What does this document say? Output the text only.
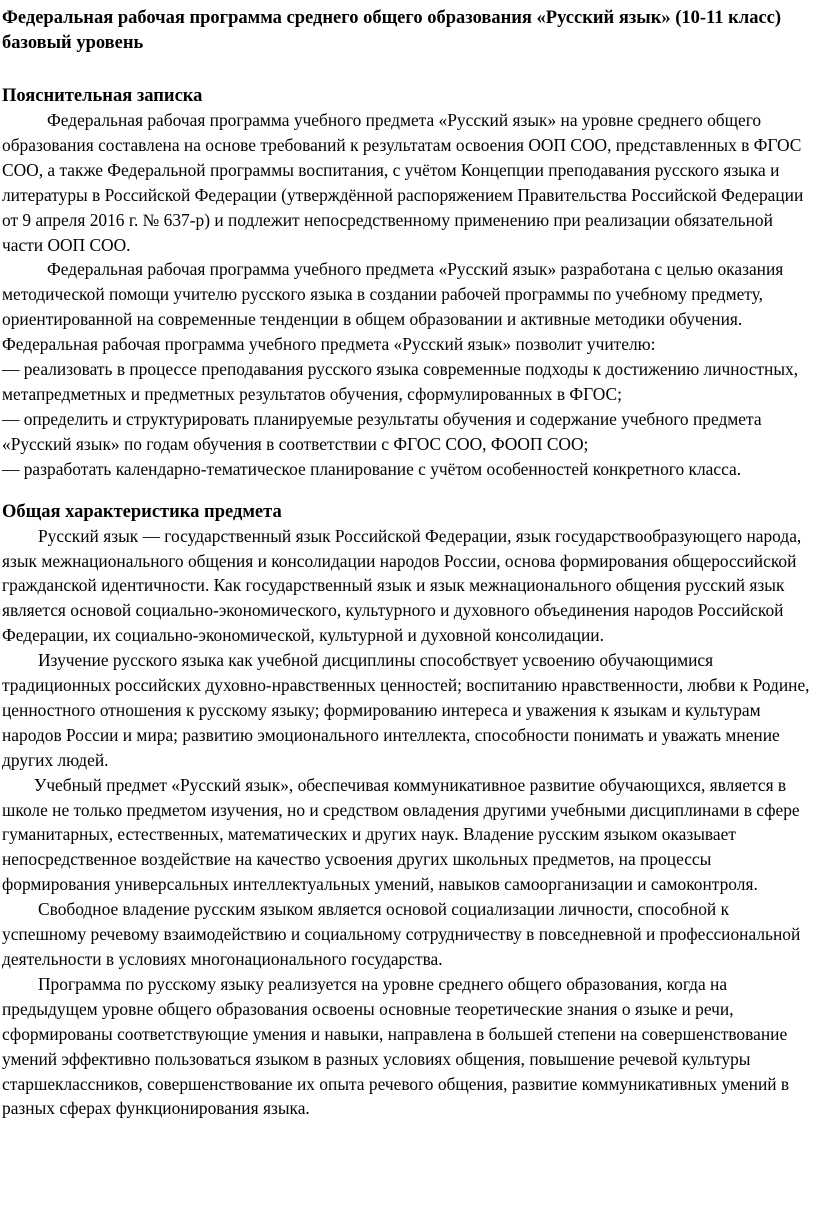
Федеральная рабочая программа среднего общего образования «Русский язык» (10-11 класс) базовый уровень
Пояснительная записка

Федеральная рабочая программа учебного предмета «Русский язык» на уровне среднего общего образования составлена на основе требований к результатам освоения ООП СОО, представленных в ФГОС СОО, а также Федеральной программы воспитания, с учётом Концепции преподавания русского языка и литературы в Российской Федерации (утверждённой распоряжением Правительства Российской Федерации от 9 апреля 2016 г. № 637-р) и подлежит непосредственному применению при реализации обязательной части ООП СОО.

Федеральная рабочая программа учебного предмета «Русский язык» разработана с целью оказания методической помощи учителю русского языка в создании рабочей программы по учебному предмету, ориентированной на современные тенденции в общем образовании и активные методики обучения. Федеральная рабочая программа учебного предмета «Русский язык» позволит учителю:

— реализовать в процессе преподавания русского языка современные подходы к достижению личностных, метапредметных и предметных результатов обучения, сформулированных в ФГОС;

— определить и структурировать планируемые результаты обучения и содержание учебного предмета «Русский язык» по годам обучения в соответствии с ФГОС СОО, ФООП СОО;

— разработать календарно-тематическое планирование с учётом особенностей конкретного класса.

Общая характеристика предмета

Русский язык — государственный язык Российской Федерации, язык государствообразующего народа, язык межнационального общения и консолидации народов России, основа формирования общероссийской гражданской идентичности. Как государственный язык и язык межнационального общения русский язык является основой социально-экономического, культурного и духовного объединения народов Российской Федерации, их социально-экономической, культурной и духовной консолидации.

Изучение русского языка как учебной дисциплины способствует усвоению обучающимися традиционных российских духовно-нравственных ценностей; воспитанию нравственности, любви к Родине, ценностного отношения к русскому языку; формированию интереса и уважения к языкам и культурам народов России и мира; развитию эмоционального интеллекта, способности понимать и уважать мнение других людей.

Учебный предмет «Русский язык», обеспечивая коммуникативное развитие обучающихся, является в школе не только предметом изучения, но и средством овладения другими учебными дисциплинами в сфере гуманитарных, естественных, математических и других наук. Владение русским языком оказывает непосредственное воздействие на качество усвоения других школьных предметов, на процессы формирования универсальных интеллектуальных умений, навыков самоорганизации и самоконтроля.

Свободное владение русским языком является основой социализации личности, способной к успешному речевому взаимодействию и социальному сотрудничеству в повседневной и профессиональной деятельности в условиях многонационального государства.

Программа по русскому языку реализуется на уровне среднего общего образования, когда на предыдущем уровне общего образования освоены основные теоретические знания о языке и речи, сформированы соответствующие умения и навыки, направлена в большей степени на совершенствование умений эффективно пользоваться языком в разных условиях общения, повышение речевой культуры старшеклассников, совершенствование их опыта речевого общения, развитие коммуникативных умений в разных сферах функционирования языка.
